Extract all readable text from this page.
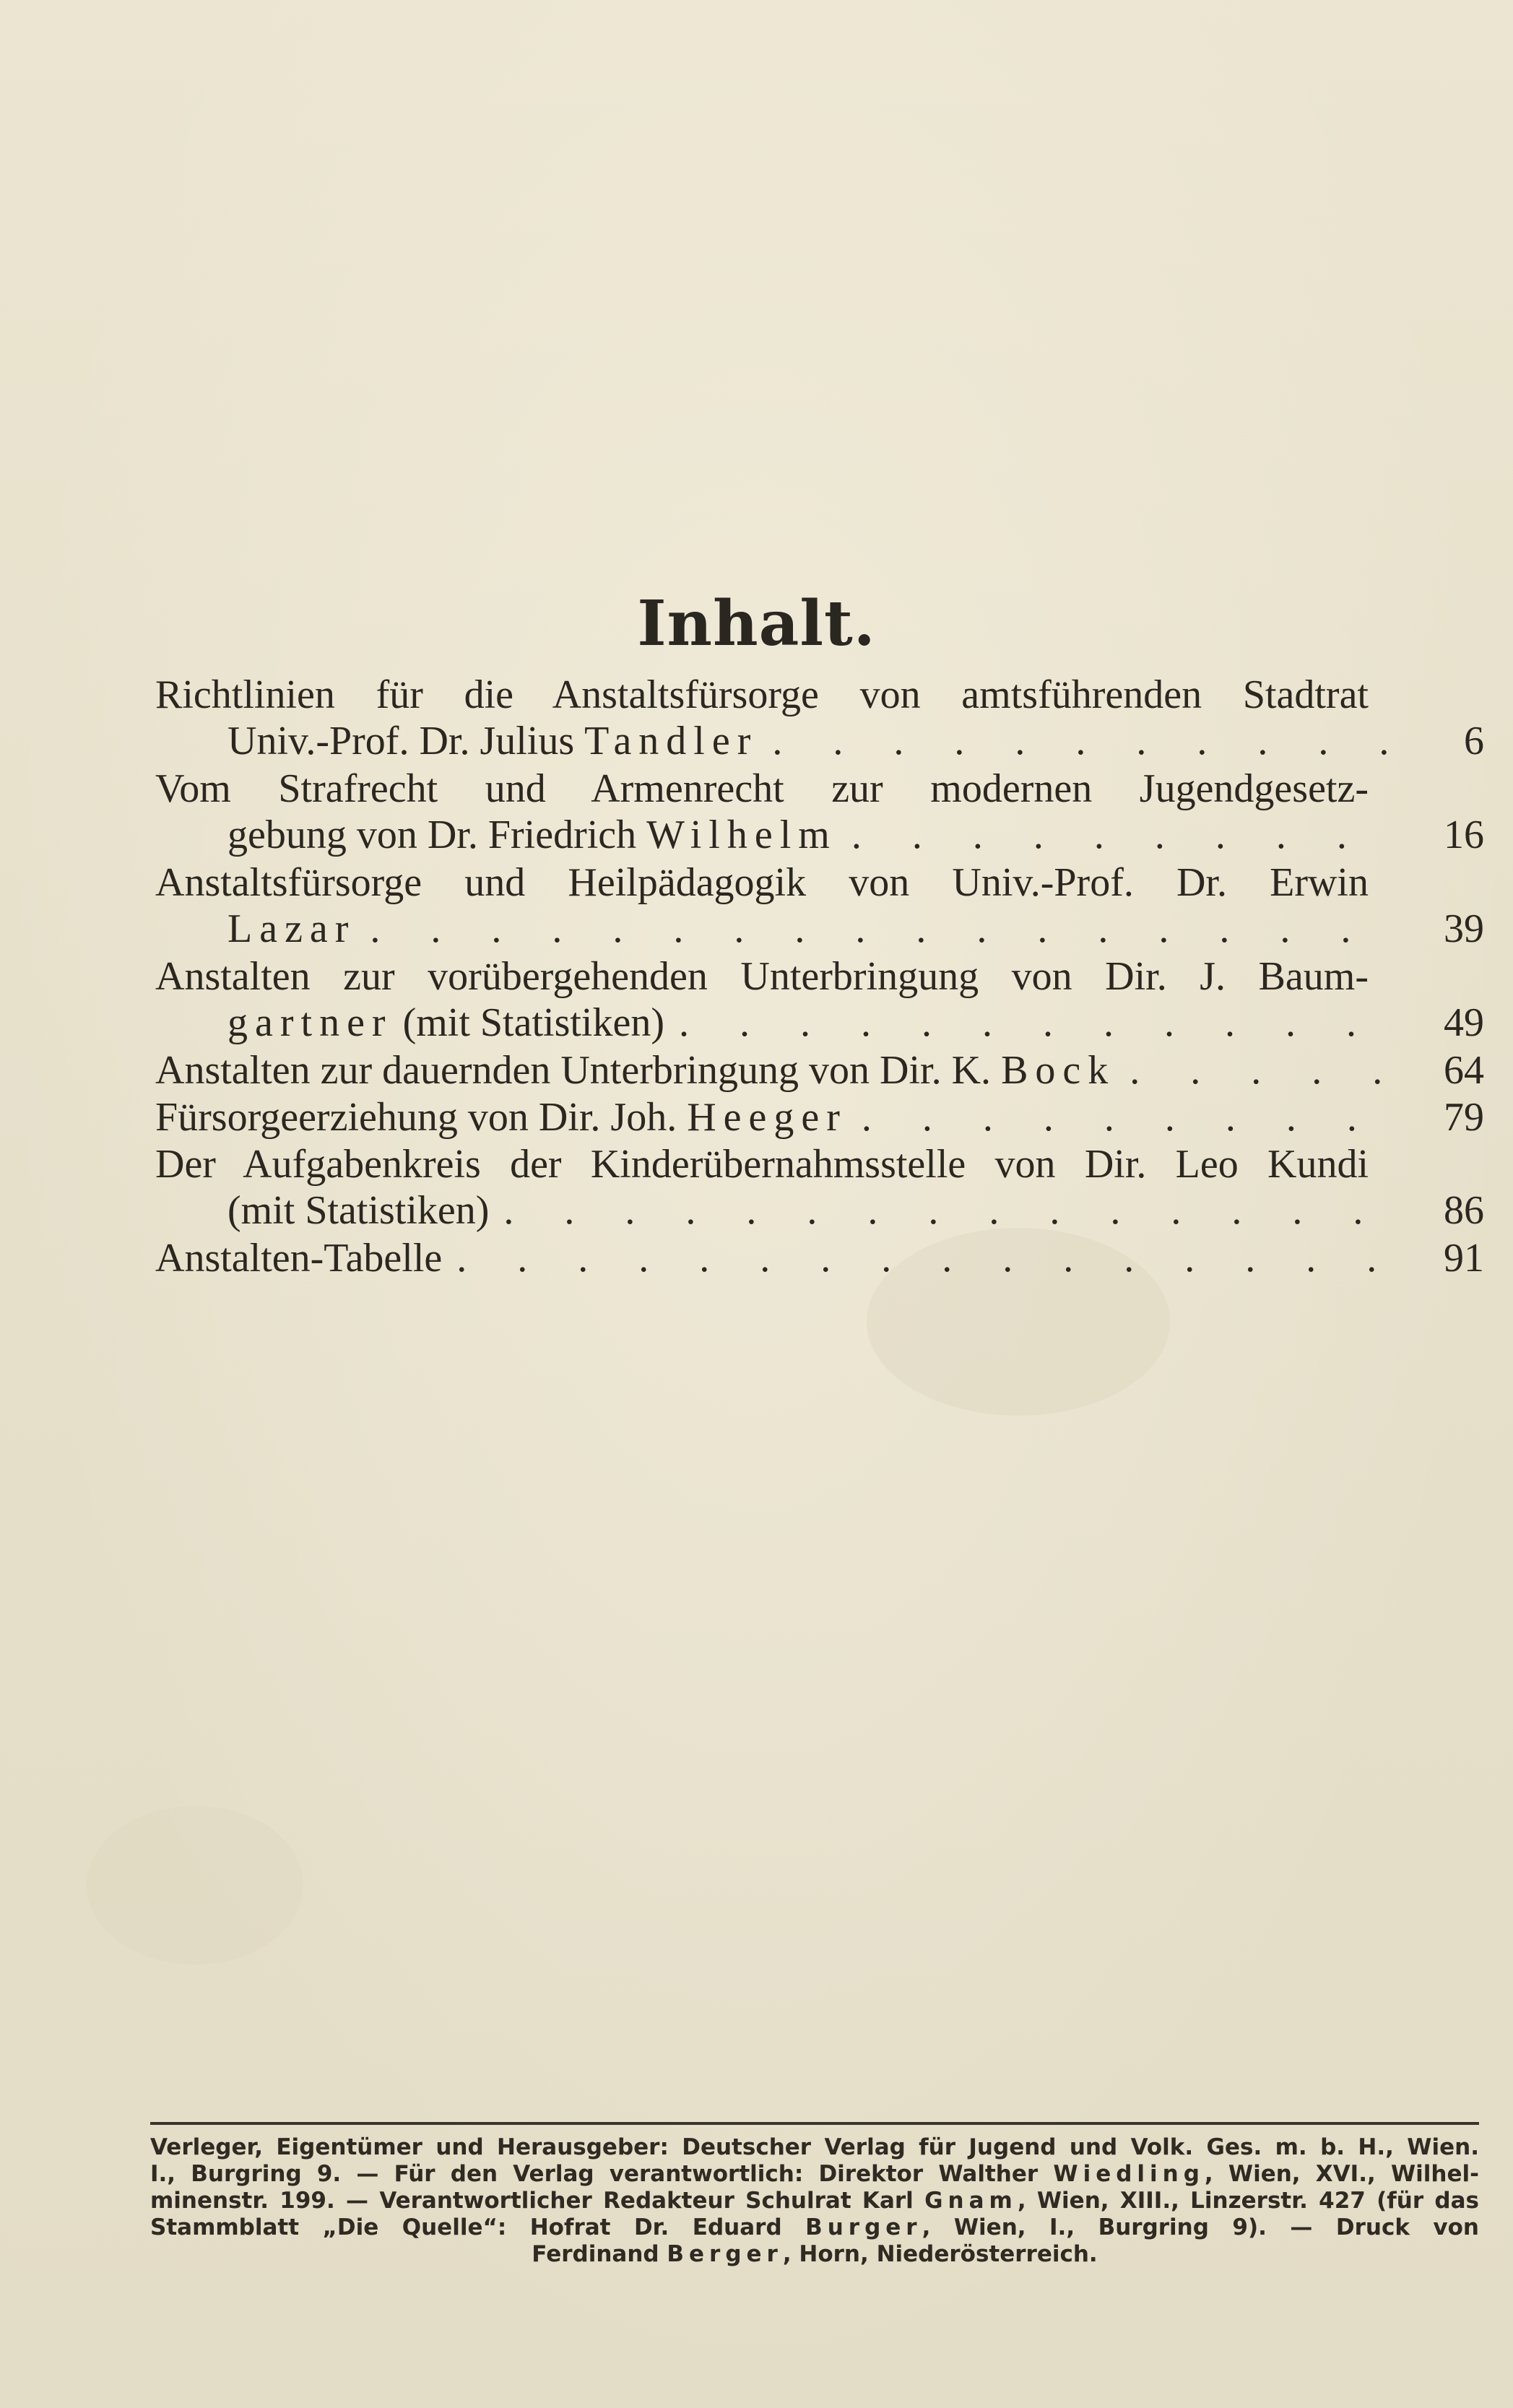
Inhalt.
Richtlinien für die Anstaltsfürsorge von amtsführenden Stadtrat
Univ.-Prof. Dr. Julius Tandler .	6
Vom Strafrecht und Armenrecht zur modernen Jugendgesetz-
gebung von Dr. Friedrich Wilhelm .	16
Anstaltsfürsorge und Heilpädagogik von Univ.-Prof. Dr. Erwin
Lazar .	39
Anstalten zur vorübergehenden Unterbringung von Dir. J. Baum-
gartner (mit Statistiken) .	49
Anstalten zur dauernden Unterbringung von Dir. K. Bock .	64
Fürsorgeerziehung von Dir. Joh. Heeger .	79
Der Aufgabenkreis der Kinderübernahmsstelle von Dir. Leo Kundi
(mit Statistiken) .	86
Anstalten-Tabelle .	91
Verleger, Eigentümer und Herausgeber: Deutscher Verlag für Jugend und Volk. Ges. m. b. H., Wien.
I., Burgring 9. — Für den Verlag verantwortlich: Direktor Walther Wiedling, Wien, XVI., Wilhel-
minenstr. 199. — Verantwortlicher Redakteur Schulrat Karl Gnam, Wien, XIII., Linzerstr. 427 (für das
Stammblatt „Die Quelle“: Hofrat Dr. Eduard Burger, Wien, I., Burgring 9). — Druck von
Ferdinand Berger, Horn, Niederösterreich.
